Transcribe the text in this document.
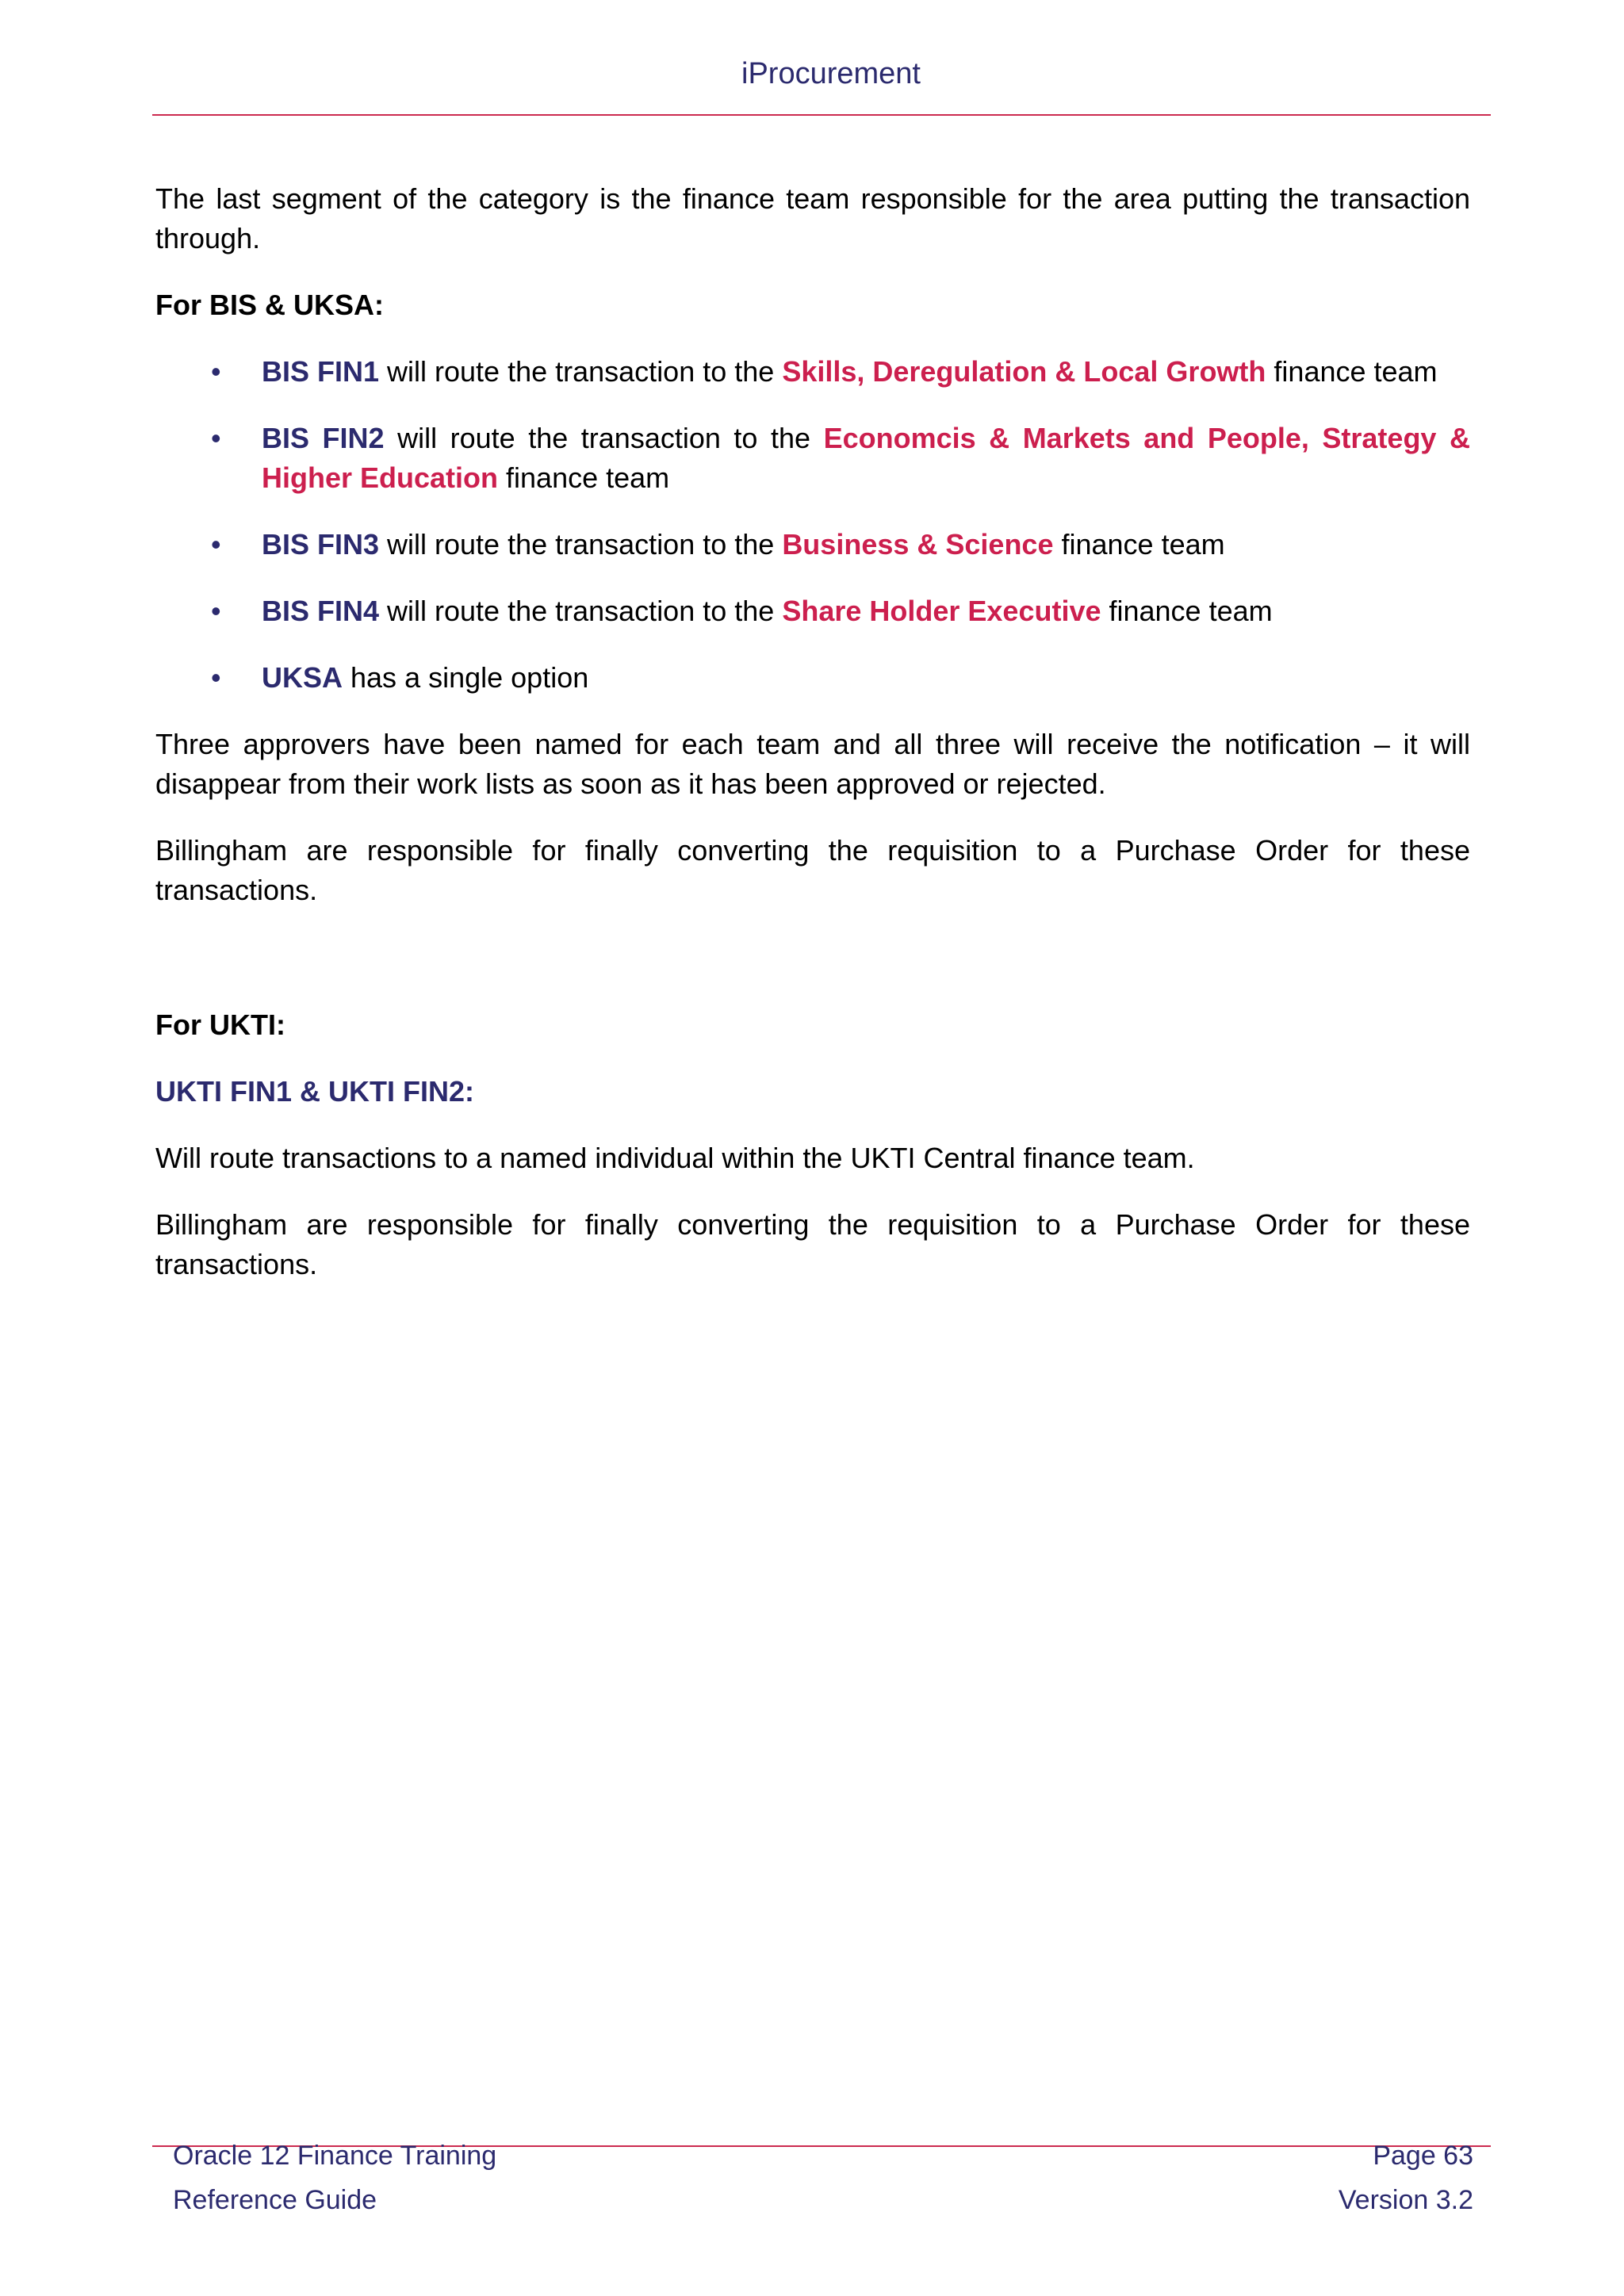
iProcurement

The last segment of the category is the finance team responsible for the area putting the transaction through.

For BIS & UKSA:

• BIS FIN1 will route the transaction to the Skills, Deregulation & Local Growth finance team
• BIS FIN2 will route the transaction to the Economcis & Markets and People, Strategy & Higher Education finance team
• BIS FIN3 will route the transaction to the Business & Science finance team
• BIS FIN4 will route the transaction to the Share Holder Executive finance team
• UKSA has a single option

Three approvers have been named for each team and all three will receive the notification – it will disappear from their work lists as soon as it has been approved or rejected.

Billingham are responsible for finally converting the requisition to a Purchase Order for these transactions.

For UKTI:

UKTI FIN1 & UKTI FIN2:

Will route transactions to a named individual within the UKTI Central finance team.

Billingham are responsible for finally converting the requisition to a Purchase Order for these transactions.

Oracle 12 Finance Training	Page 63
Reference Guide	Version 3.2
